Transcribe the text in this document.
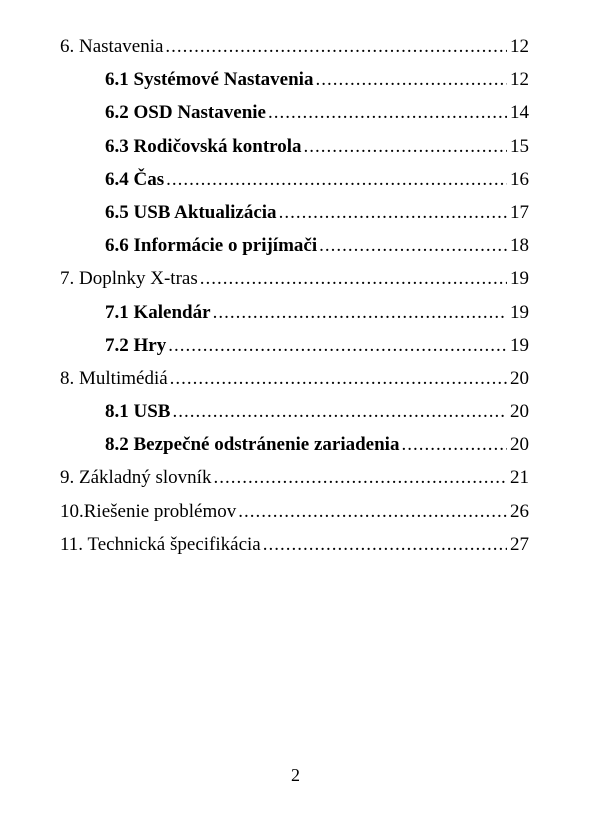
6. Nastavenia .....	12
6.1 Systémové Nastavenia .....	12
6.2 OSD Nastavenie .....	14
6.3 Rodičovská kontrola .....	15
6.4 Čas .....	16
6.5 USB Aktualizácia .....	17
6.6 Informácie o prijímači .....	18
7. Doplnky X-tras .....	19
7.1 Kalendár .....	19
7.2 Hry .....	19
8. Multimédiá .....	20
8.1 USB .....	20
8.2 Bezpečné odstránenie zariadenia .....	20
9. Základný slovník .....	21
10.Riešenie problémov .....	26
11. Technická špecifikácia .....	27
2
